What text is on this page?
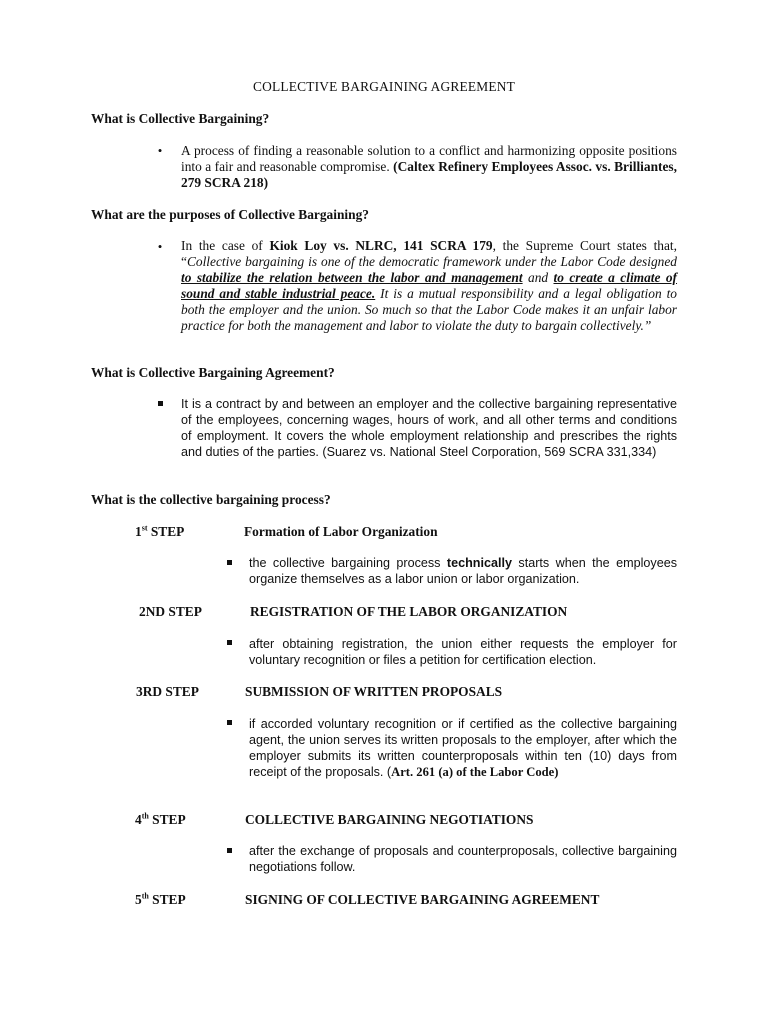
COLLECTIVE BARGAINING AGREEMENT
What is Collective Bargaining?
• A process of finding a reasonable solution to a conflict and harmonizing opposite positions into a fair and reasonable compromise. (Caltex Refinery Employees Assoc. vs. Brilliantes, 279 SCRA 218)
What are the purposes of Collective Bargaining?
• In the case of Kiok Loy vs. NLRC, 141 SCRA 179, the Supreme Court states that, “Collective bargaining is one of the democratic framework under the Labor Code designed to stabilize the relation between the labor and management and to create a climate of sound and stable industrial peace. It is a mutual responsibility and a legal obligation to both the employer and the union. So much so that the Labor Code makes it an unfair labor practice for both the management and labor to violate the duty to bargain collectively.”
What is Collective Bargaining Agreement?
It is a contract by and between an employer and the collective bargaining representative of the employees, concerning wages, hours of work, and all other terms and conditions of employment. It covers the whole employment relationship and prescribes the rights and duties of the parties. (Suarez vs. National Steel Corporation, 569 SCRA 331,334)
What is the collective bargaining process?
1st STEP	Formation of Labor Organization
the collective bargaining process technically starts when the employees organize themselves as a labor union or labor organization.
2ND STEP	REGISTRATION OF THE LABOR ORGANIZATION
after obtaining registration, the union either requests the employer for voluntary recognition or files a petition for certification election.
3RD STEP	SUBMISSION OF WRITTEN PROPOSALS
if accorded voluntary recognition or if certified as the collective bargaining agent, the union serves its written proposals to the employer, after which the employer submits its written counterproposals within ten (10) days from receipt of the proposals. (Art. 261 (a) of the Labor Code)
4th STEP	COLLECTIVE BARGAINING NEGOTIATIONS
after the exchange of proposals and counterproposals, collective bargaining negotiations follow.
5th STEP	SIGNING OF COLLECTIVE BARGAINING AGREEMENT
